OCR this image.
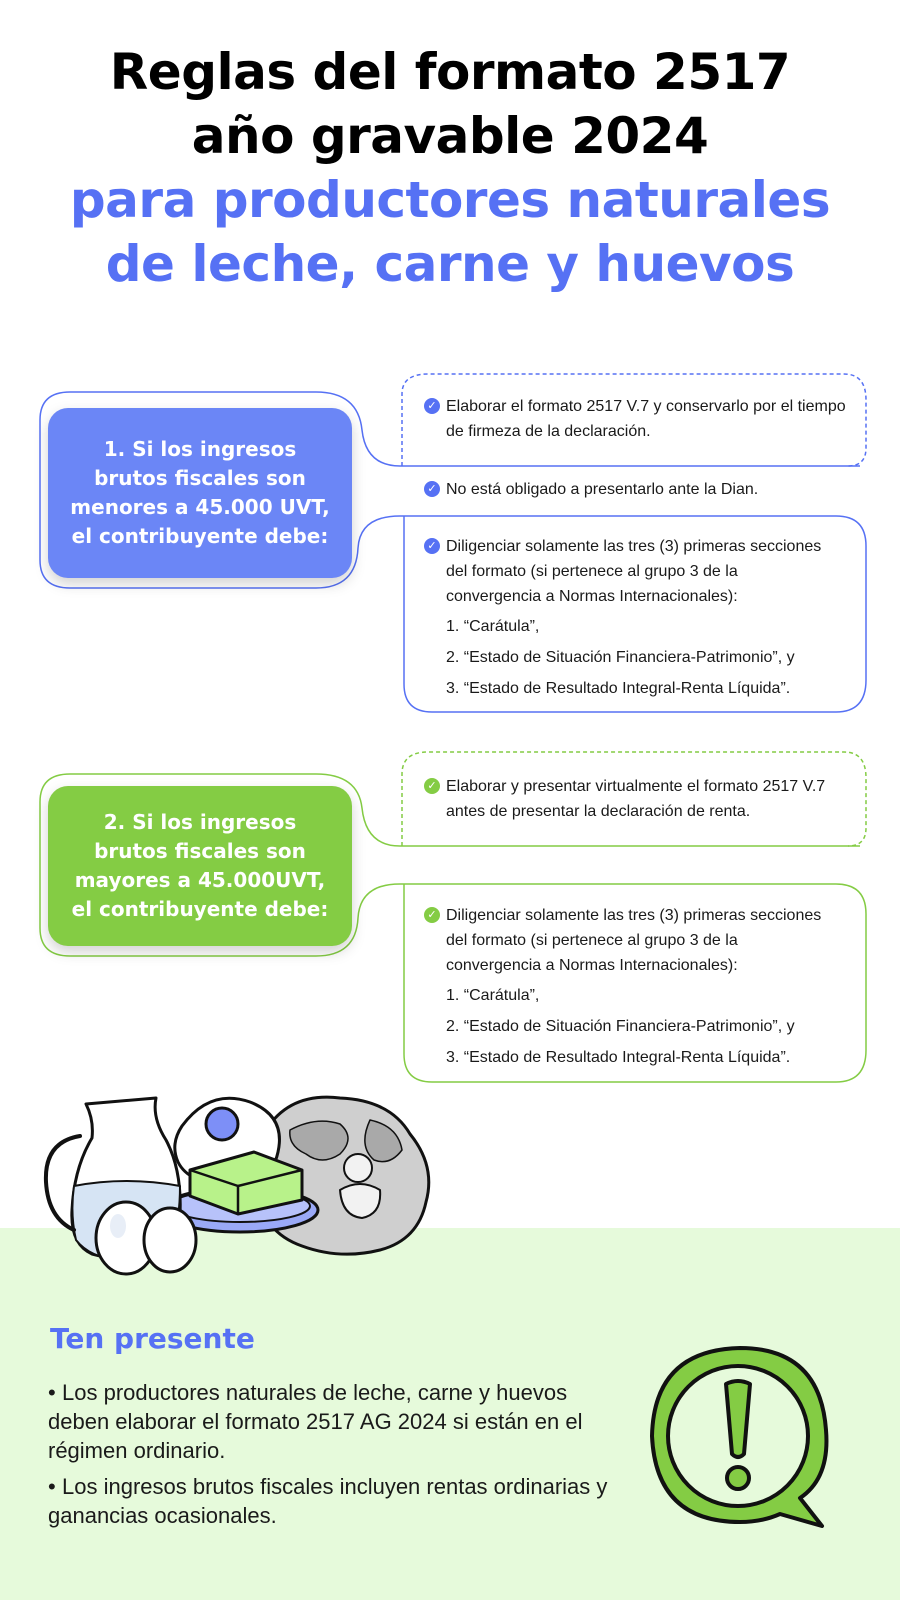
Reglas del formato 2517
año gravable 2024
para productores naturales
de leche, carne y huevos
1. Si los ingresos brutos fiscales son menores a 45.000 UVT, el contribuyente debe:
✓ Elaborar el formato 2517 V.7 y conservarlo por el tiempo de firmeza de la declaración.
✓ No está obligado a presentarlo ante la Dian.
✓ Diligenciar solamente las tres (3) primeras secciones del formato (si pertenece al grupo 3 de la convergencia a Normas Internacionales):
1. “Carátula”,
2. “Estado de Situación Financiera-Patrimonio”, y
3. “Estado de Resultado Integral-Renta Líquida”.
2. Si los ingresos brutos fiscales son mayores a 45.000UVT, el contribuyente debe:
✓ Elaborar y presentar virtualmente el formato 2517 V.7 antes de presentar la declaración de renta.
✓ Diligenciar solamente las tres (3) primeras secciones del formato (si pertenece al grupo 3 de la convergencia a Normas Internacionales):
1. “Carátula”,
2. “Estado de Situación Financiera-Patrimonio”, y
3. “Estado de Resultado Integral-Renta Líquida”.
Ten presente
• Los productores naturales de leche, carne y huevos deben elaborar el formato 2517 AG 2024 si están en el régimen ordinario.
• Los ingresos brutos fiscales incluyen rentas ordinarias y ganancias ocasionales.
